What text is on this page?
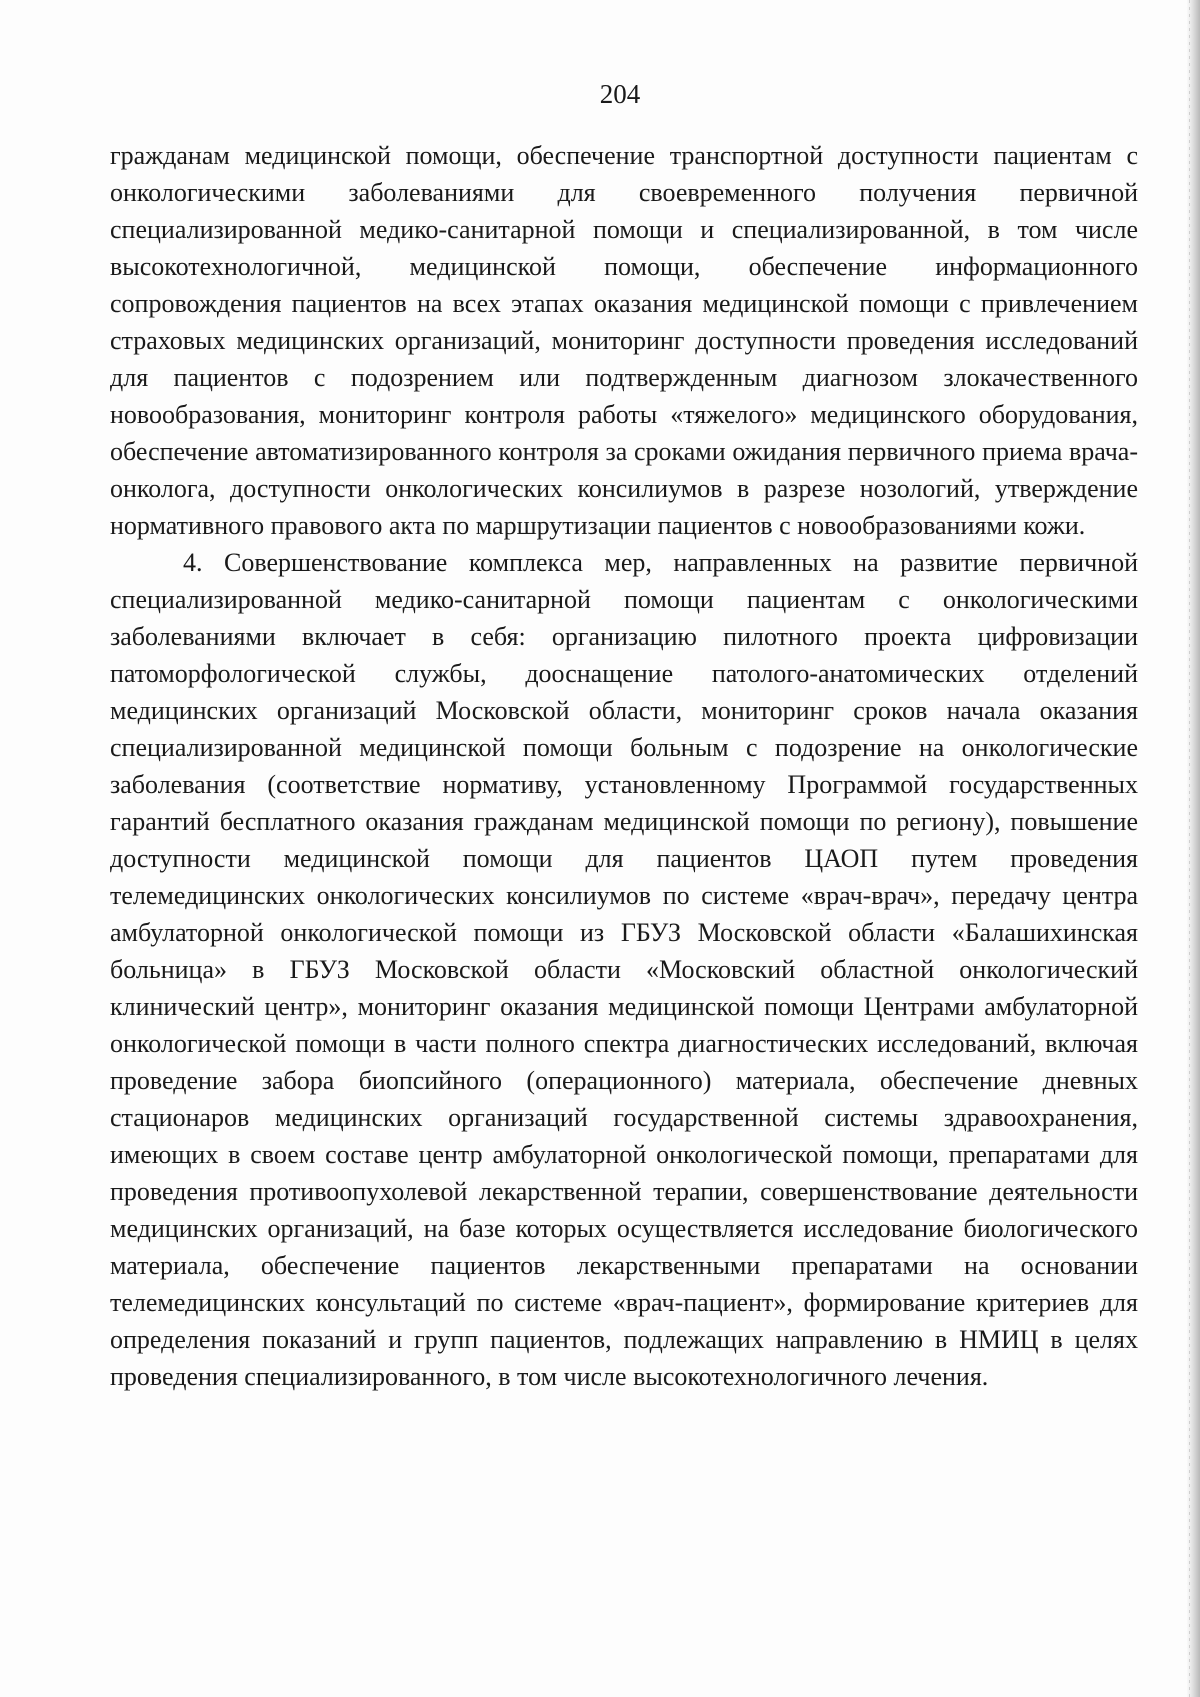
204

гражданам медицинской помощи, обеспечение транспортной доступности пациентам с онкологическими заболеваниями для своевременного получения первичной специализированной медико-санитарной помощи и специализированной, в том числе высокотехнологичной, медицинской помощи, обеспечение информационного сопровождения пациентов на всех этапах оказания медицинской помощи с привлечением страховых медицинских организаций, мониторинг доступности проведения исследований для пациентов с подозрением или подтвержденным диагнозом злокачественного новообразования, мониторинг контроля работы «тяжелого» медицинского оборудования, обеспечение автоматизированного контроля за сроками ожидания первичного приема врача-онколога, доступности онкологических консилиумов в разрезе нозологий, утверждение нормативного правового акта по маршрутизации пациентов с новообразованиями кожи.

4. Совершенствование комплекса мер, направленных на развитие первичной специализированной медико-санитарной помощи пациентам с онкологическими заболеваниями включает в себя: организацию пилотного проекта цифровизации патоморфологической службы, дооснащение патолого-анатомических отделений медицинских организаций Московской области, мониторинг сроков начала оказания специализированной медицинской помощи больным с подозрение на онкологические заболевания (соответствие нормативу, установленному Программой государственных гарантий бесплатного оказания гражданам медицинской помощи по региону), повышение доступности медицинской помощи для пациентов ЦАОП путем проведения телемедицинских онкологических консилиумов по системе «врач-врач», передачу центра амбулаторной онкологической помощи из ГБУЗ Московской области «Балашихинская больница» в ГБУЗ Московской области «Московский областной онкологический клинический центр», мониторинг оказания медицинской помощи Центрами амбулаторной онкологической помощи в части полного спектра диагностических исследований, включая проведение забора биопсийного (операционного) материала, обеспечение дневных стационаров медицинских организаций государственной системы здравоохранения, имеющих в своем составе центр амбулаторной онкологической помощи, препаратами для проведения противоопухолевой лекарственной терапии, совершенствование деятельности медицинских организаций, на базе которых осуществляется исследование биологического материала, обеспечение пациентов лекарственными препаратами на основании телемедицинских консультаций по системе «врач-пациент», формирование критериев для определения показаний и групп пациентов, подлежащих направлению в НМИЦ в целях проведения специализированного, в том числе высокотехнологичного лечения.
